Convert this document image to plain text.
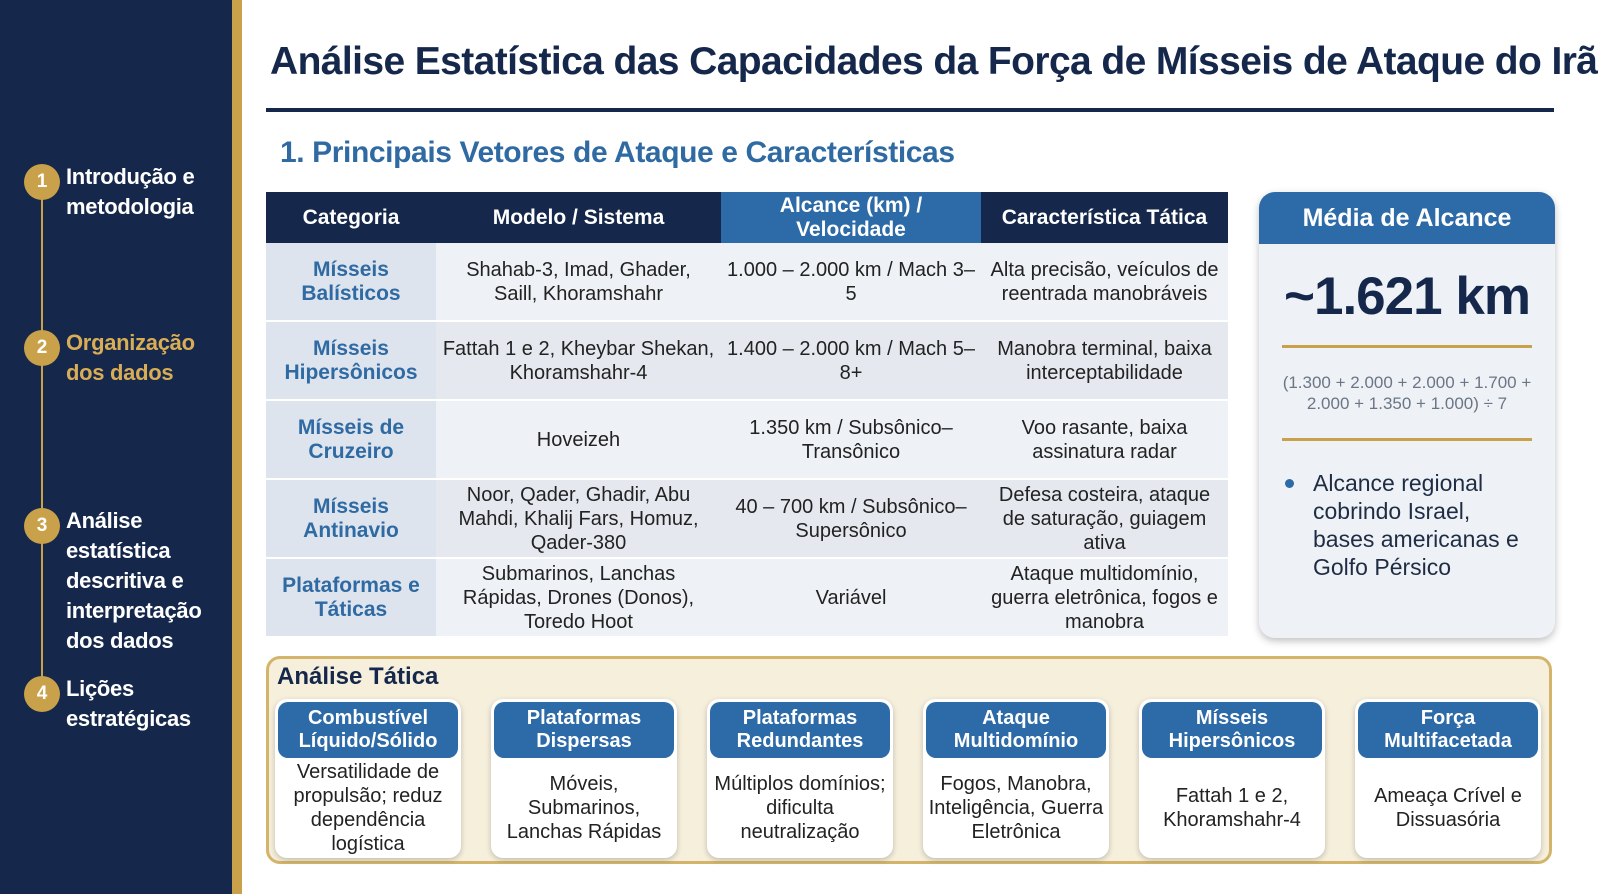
1 Introdução e metodologia
2 Organização dos dados
3 Análise estatística descritiva e interpretação dos dados
4 Lições estratégicas
Análise Estatística das Capacidades da Força de Mísseis de Ataque do Irã
1. Principais Vetores de Ataque e Características
Categoria	Modelo / Sistema	Alcance (km) / Velocidade	Característica Tática
Mísseis Balísticos	Shahab-3, Imad, Ghader, Saill, Khoramshahr	1.000 – 2.000 km / Mach 3–5	Alta precisão, veículos de reentrada manobráveis
Mísseis Hipersônicos	Fattah 1 e 2, Kheybar Shekan, Khoramshahr-4	1.400 – 2.000 km / Mach 5–8+	Manobra terminal, baixa interceptabilidade
Mísseis de Cruzeiro	Hoveizeh	1.350 km / Subsônico–Transônico	Voo rasante, baixa assinatura radar
Mísseis Antinavio	Noor, Qader, Ghadir, Abu Mahdi, Khalij Fars, Homuz, Qader-380	40 – 700 km / Subsônico–Supersônico	Defesa costeira, ataque de saturação, guiagem ativa
Plataformas e Táticas	Submarinos, Lanchas Rápidas, Drones (Donos), Toredo Hoot	Variável	Ataque multidomínio, guerra eletrônica, fogos e manobra
Média de Alcance
~1.621 km
(1.300 + 2.000 + 2.000 + 1.700 + 2.000 + 1.350 + 1.000) ÷ 7
Alcance regional cobrindo Israel, bases americanas e Golfo Pérsico
Análise Tática
Combustível Líquido/Sólido
Versatilidade de propulsão; reduz dependência logística
Plataformas Dispersas
Móveis, Submarinos, Lanchas Rápidas
Plataformas Redundantes
Múltiplos domínios; dificulta neutralização
Ataque Multidomínio
Fogos, Manobra, Inteligência, Guerra Eletrônica
Mísseis Hipersônicos
Fattah 1 e 2, Khoramshahr-4
Força Multifacetada
Ameaça Crível e Dissuasória
